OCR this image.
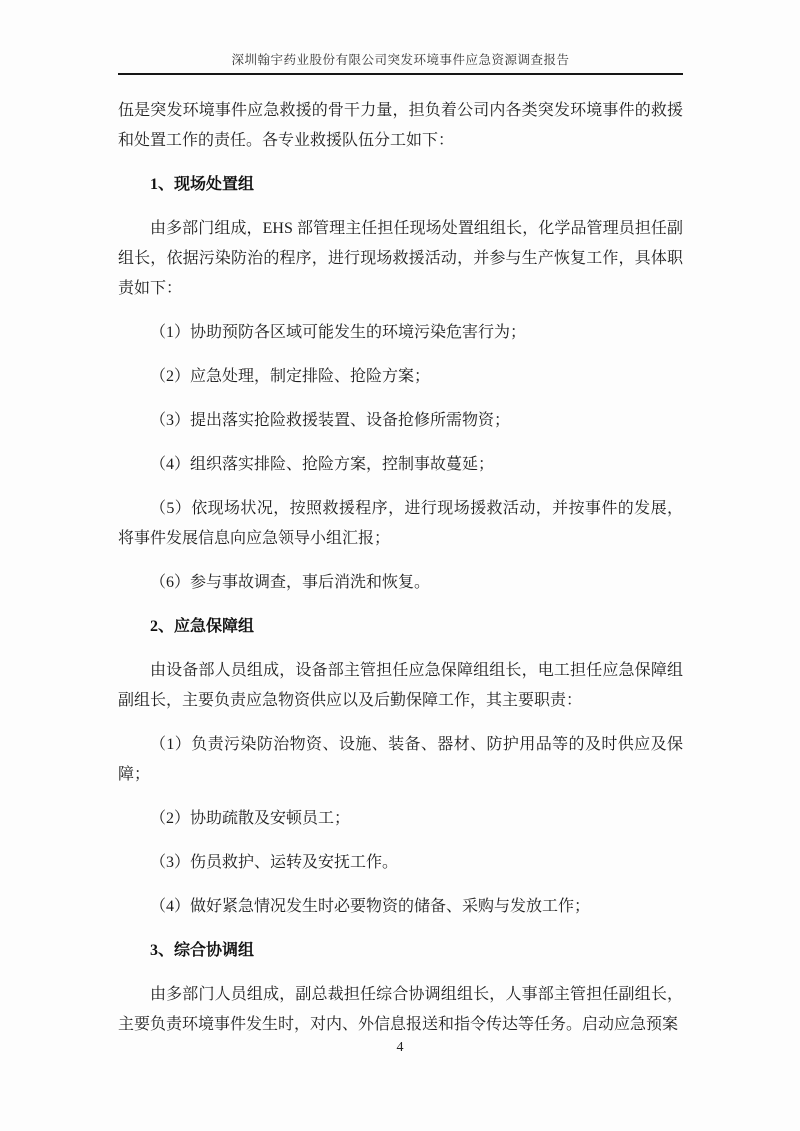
深圳翰宇药业股份有限公司突发环境事件应急资源调查报告

伍是突发环境事件应急救援的骨干力量，担负着公司内各类突发环境事件的救援和处置工作的责任。各专业救援队伍分工如下：

1、现场处置组

由多部门组成，EHS 部管理主任担任现场处置组组长，化学品管理员担任副组长，依据污染防治的程序，进行现场救援活动，并参与生产恢复工作，具体职责如下：

（1）协助预防各区域可能发生的环境污染危害行为；

（2）应急处理，制定排险、抢险方案；

（3）提出落实抢险救援装置、设备抢修所需物资；

（4）组织落实排险、抢险方案，控制事故蔓延；

（5）依现场状况，按照救援程序，进行现场援救活动，并按事件的发展，将事件发展信息向应急领导小组汇报；

（6）参与事故调查，事后消洗和恢复。

2、应急保障组

由设备部人员组成，设备部主管担任应急保障组组长，电工担任应急保障组副组长，主要负责应急物资供应以及后勤保障工作，其主要职责：

（1）负责污染防治物资、设施、装备、器材、防护用品等的及时供应及保障；

（2）协助疏散及安顿员工；

（3）伤员救护、运转及安抚工作。

（4）做好紧急情况发生时必要物资的储备、采购与发放工作；

3、综合协调组

由多部门人员组成，副总裁担任综合协调组组长，人事部主管担任副组长，主要负责环境事件发生时，对内、外信息报送和指令传达等任务。启动应急预案

4
